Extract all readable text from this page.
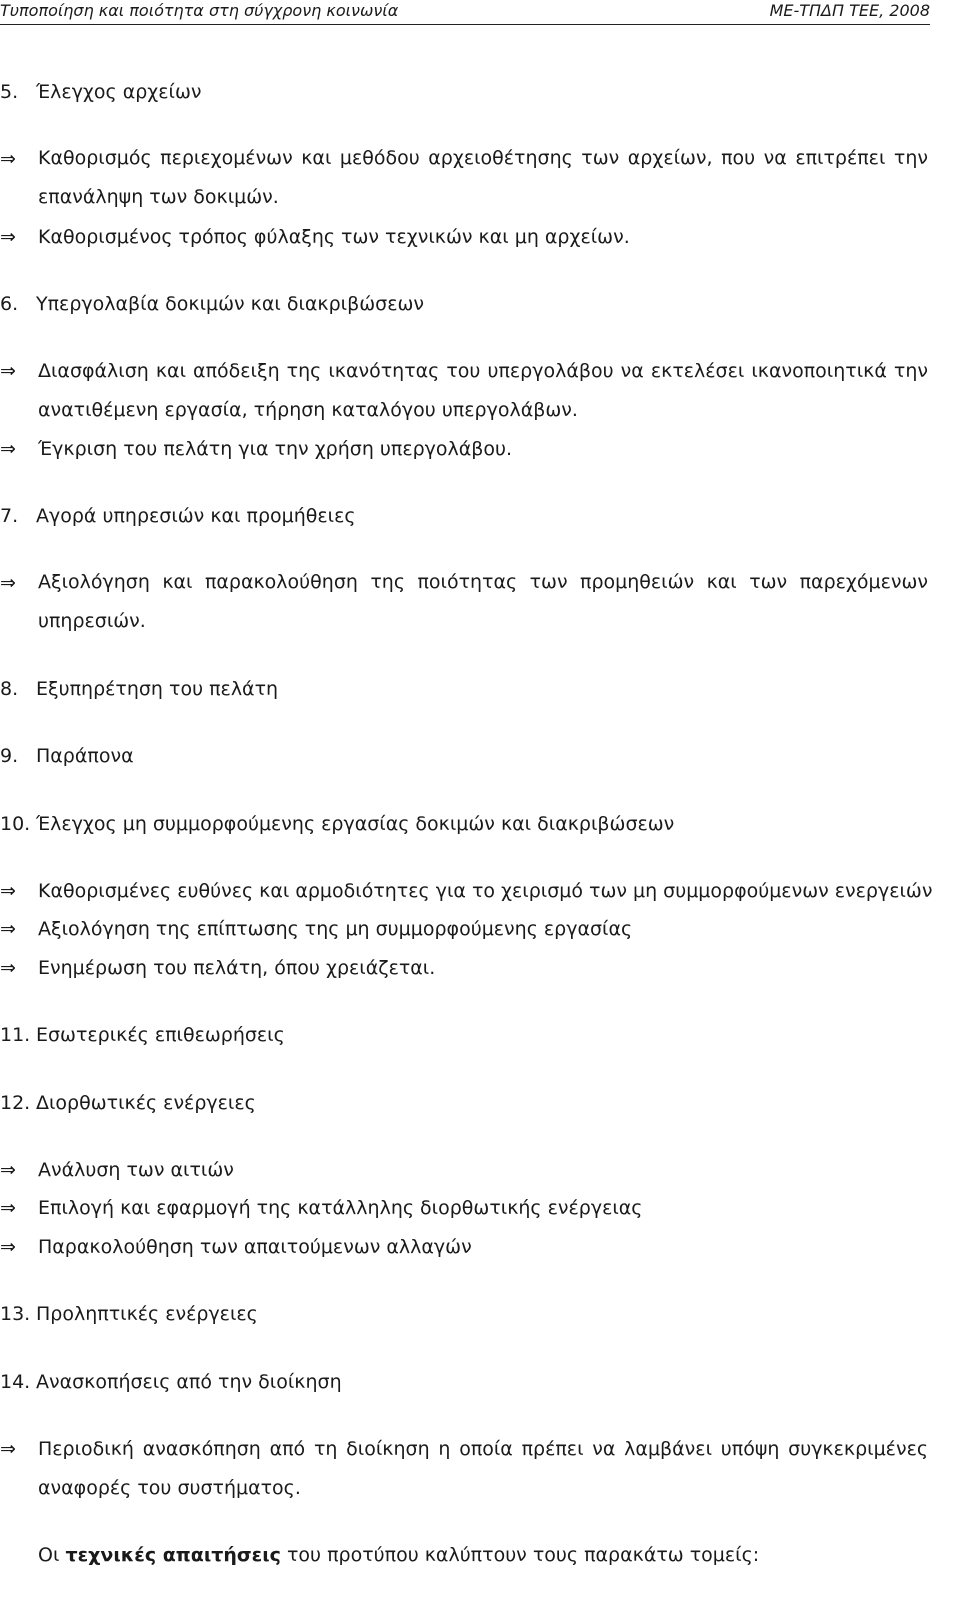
Τυποποίηση και ποιότητα στη σύγχρονη κοινωνία	ΜΕ-ΤΠΔΠ ΤΕΕ, 2008
5. Έλεγχος αρχείων
⇒ Καθορισμός περιεχομένων και μεθόδου αρχειοθέτησης των αρχείων, που να επιτρέπει την επανάληψη των δοκιμών.
⇒ Καθορισμένος τρόπος φύλαξης των τεχνικών και μη αρχείων.
6. Υπεργολαβία δοκιμών και διακριβώσεων
⇒ Διασφάλιση και απόδειξη της ικανότητας του υπεργολάβου να εκτελέσει ικανοποιητικά την ανατιθέμενη εργασία, τήρηση καταλόγου υπεργολάβων.
⇒ Έγκριση του πελάτη για την χρήση υπεργολάβου.
7. Αγορά υπηρεσιών και προμήθειες
⇒ Αξιολόγηση και παρακολούθηση της ποιότητας των προμηθειών και των παρεχόμενων υπηρεσιών.
8. Εξυπηρέτηση του πελάτη
9. Παράπονα
10. Έλεγχος μη συμμορφούμενης εργασίας δοκιμών και διακριβώσεων
⇒ Καθορισμένες ευθύνες και αρμοδιότητες για το χειρισμό των μη συμμορφούμενων ενεργειών
⇒ Αξιολόγηση της επίπτωσης της μη συμμορφούμενης εργασίας
⇒ Ενημέρωση του πελάτη, όπου χρειάζεται.
11. Εσωτερικές επιθεωρήσεις
12. Διορθωτικές ενέργειες
⇒ Ανάλυση των αιτιών
⇒ Επιλογή και εφαρμογή της κατάλληλης διορθωτικής ενέργειας
⇒ Παρακολούθηση των απαιτούμενων αλλαγών
13. Προληπτικές ενέργειες
14. Ανασκοπήσεις από την διοίκηση
⇒ Περιοδική ανασκόπηση από τη διοίκηση η οποία πρέπει να λαμβάνει υπόψη συγκεκριμένες αναφορές του συστήματος.
Οι τεχνικές απαιτήσεις του προτύπου καλύπτουν τους παρακάτω τομείς:
